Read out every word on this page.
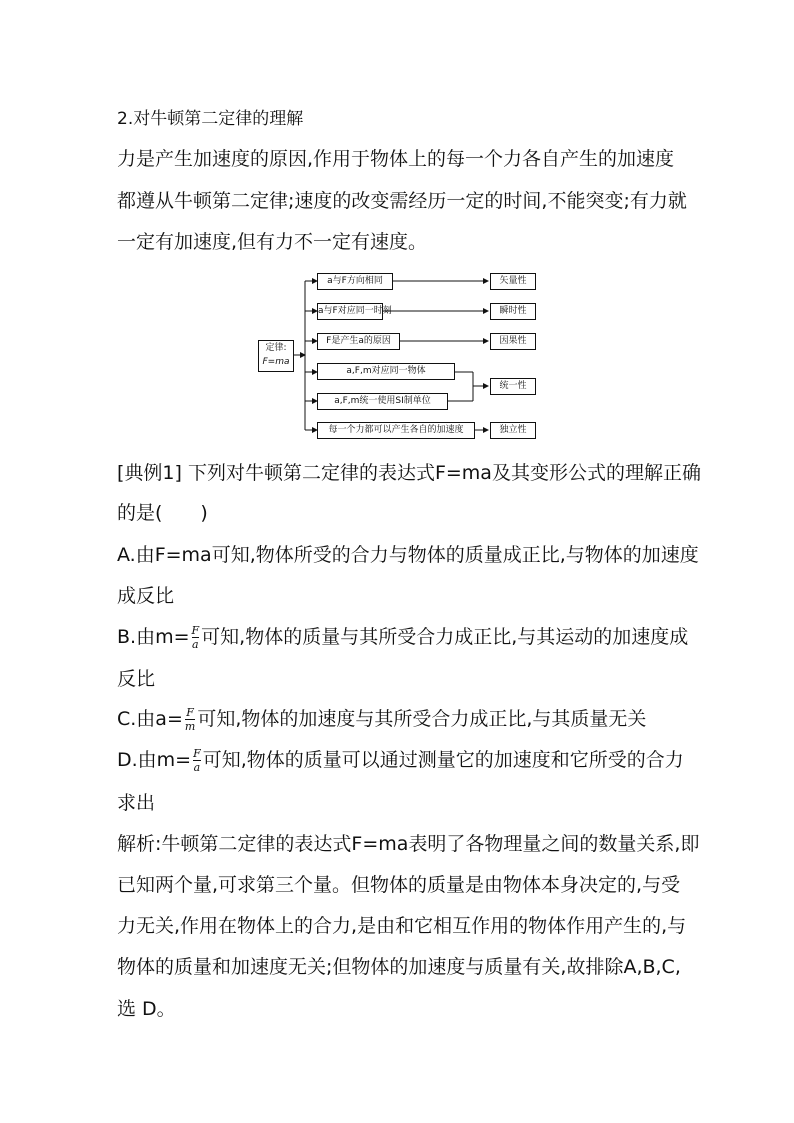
2.对牛顿第二定律的理解
力是产生加速度的原因,作用于物体上的每一个力各自产生的加速度
都遵从牛顿第二定律;速度的改变需经历一定的时间,不能突变;有力就
一定有加速度,但有力不一定有速度。
定律:
F=ma
a与F方向相同
a与F对应同一时刻
F是产生a的原因
a,F,m对应同一物体
a,F,m统一使用SI制单位
每一个力都可以产生各自的加速度
矢量性
瞬时性
因果性
统一性
独立性
[典例1] 下列对牛顿第二定律的表达式F=ma及其变形公式的理解正确
的是(　　)
A.由F=ma可知,物体所受的合力与物体的质量成正比,与物体的加速度
成反比
B.由$m= \frac{F}{a}$ 可知,物体的质量与其所受合力成正比,与其运动的加速度成
反比
C.由$a= \frac{F}{m}$ 可知,物体的加速度与其所受合力成正比,与其质量无关
D.由$m= \frac{F}{a}$ 可知,物体的质量可以通过测量它的加速度和它所受的合力
求出
解析:牛顿第二定律的表达式F=ma表明了各物理量之间的数量关系,即
已知两个量,可求第三个量。但物体的质量是由物体本身决定的,与受
力无关,作用在物体上的合力,是由和它相互作用的物体作用产生的,与
物体的质量和加速度无关;但物体的加速度与质量有关,故排除A,B,C,
选 D。
